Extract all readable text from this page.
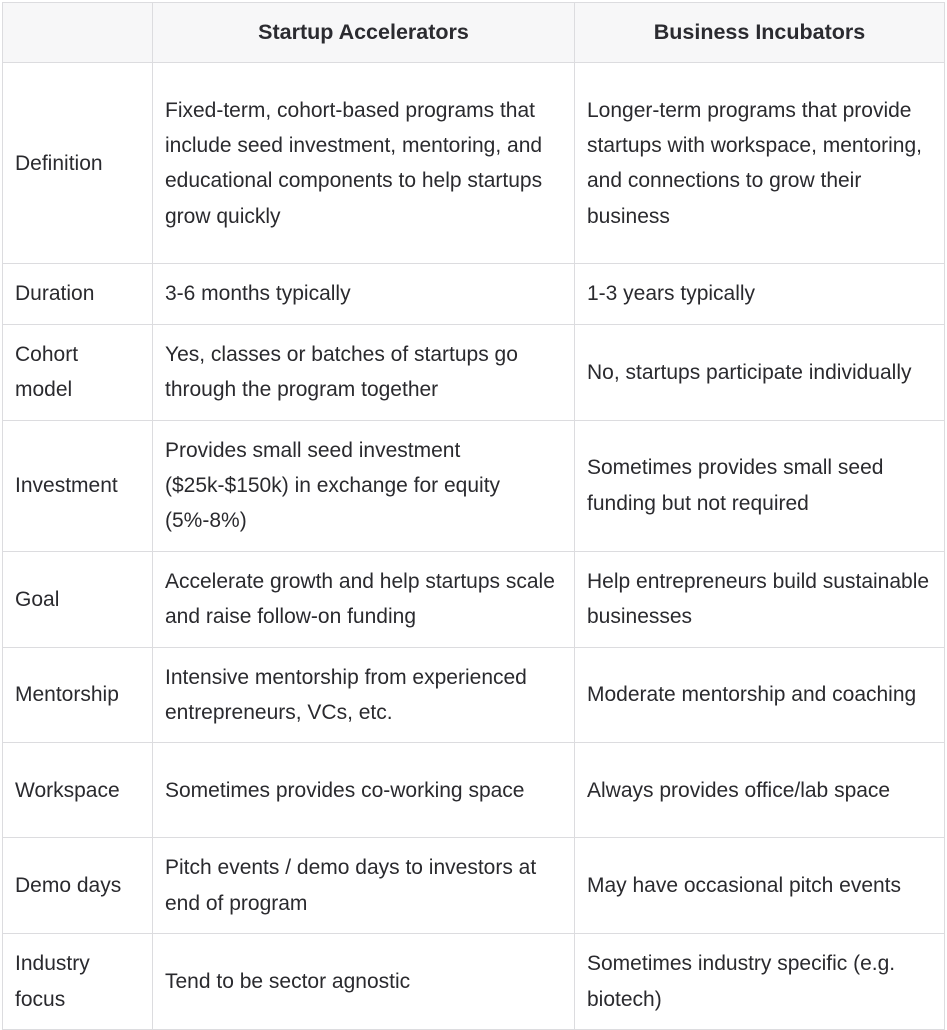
	Startup Accelerators	Business Incubators
Definition	Fixed-term, cohort-based programs that include seed investment, mentoring, and educational components to help startups grow quickly	Longer-term programs that provide startups with workspace, mentoring, and connections to grow their business
Duration	3-6 months typically	1-3 years typically
Cohort model	Yes, classes or batches of startups go through the program together	No, startups participate individually
Investment	Provides small seed investment ($25k-$150k) in exchange for equity (5%-8%)	Sometimes provides small seed funding but not required
Goal	Accelerate growth and help startups scale and raise follow-on funding	Help entrepreneurs build sustainable businesses
Mentorship	Intensive mentorship from experienced entrepreneurs, VCs, etc.	Moderate mentorship and coaching
Workspace	Sometimes provides co-working space	Always provides office/lab space
Demo days	Pitch events / demo days to investors at end of program	May have occasional pitch events
Industry focus	Tend to be sector agnostic	Sometimes industry specific (e.g. biotech)
